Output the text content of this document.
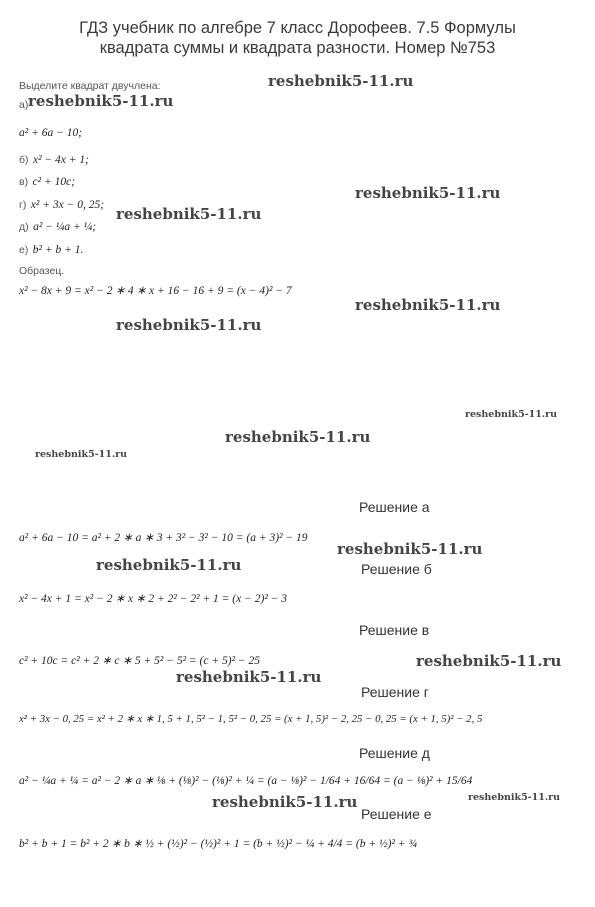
ГДЗ учебник по алгебре 7 класс Дорофеев. 7.5 Формулы
квадрата суммы и квадрата разности. Номер №753
Выделите квадрат двучлена:
а)
a² + 6a − 10;
б) x² − 4x + 1;
в) c² + 10c;
г) x² + 3x − 0, 25;
д) a² − ¼a + ¼;
е) b² + b + 1.
Образец.
x² − 8x + 9 = x² − 2 ∗ 4 ∗ x + 16 − 16 + 9 = (x − 4)² − 7
Решение а
a² + 6a − 10 = a² + 2 ∗ a ∗ 3 + 3² − 3² − 10 = (a + 3)² − 19
Решение б
x² − 4x + 1 = x² − 2 ∗ x ∗ 2 + 2² − 2² + 1 = (x − 2)² − 3
Решение в
c² + 10c = c² + 2 ∗ c ∗ 5 + 5² − 5² = (c + 5)² − 25
Решение г
x² + 3x − 0, 25 = x² + 2 ∗ x ∗ 1, 5 + 1, 5² − 1, 5² − 0, 25 = (x + 1, 5)² − 2, 25 − 0, 25 = (x + 1, 5)² − 2, 5
Решение д
a² − ¼a + ¼ = a² − 2 ∗ a ∗ ⅛ + (⅛)² − (⅛)² + ¼ = (a − ⅛)² − 1/64 + 16/64 = (a − ⅛)² + 15/64
Решение е
b² + b + 1 = b² + 2 ∗ b ∗ ½ + (½)² − (½)² + 1 = (b + ½)² − ¼ + 4/4 = (b + ½)² + ¾
reshebnik5-11.ru
reshebnik5-11.ru
reshebnik5-11.ru
reshebnik5-11.ru
reshebnik5-11.ru
reshebnik5-11.ru
reshebnik5-11.ru
reshebnik5-11.ru
reshebnik5-11.ru
reshebnik5-11.ru
reshebnik5-11.ru
reshebnik5-11.ru
reshebnik5-11.ru
reshebnik5-11.ru
reshebnik5-11.ru
